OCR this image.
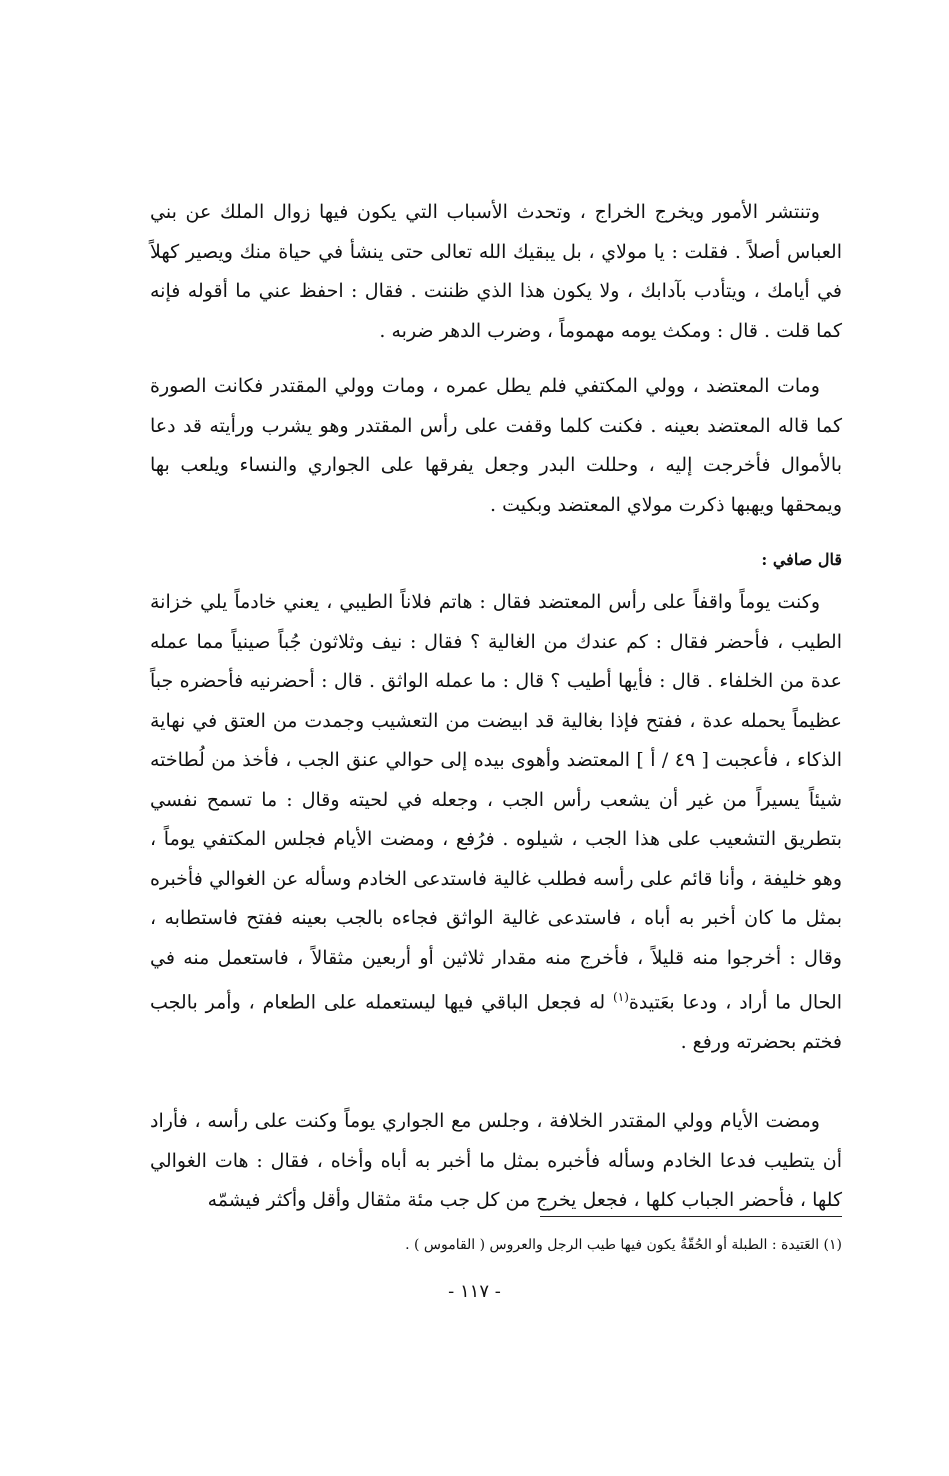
وتنتشر الأمور ويخرج الخراج ، وتحدث الأسباب التي يكون فيها زوال الملك عن بني العباس أصلاً . فقلت : يا مولاي ، بل يبقيك الله تعالى حتى ينشأ في حياة منك ويصير كهلاً في أيامك ، ويتأدب بآدابك ، ولا يكون هذا الذي ظننت . فقال : احفظ عني ما أقوله فإنه كما قلت . قال : ومكث يومه مهموماً ، وضرب الدهر ضربه .

ومات المعتضد ، وولي المكتفي فلم يطل عمره ، ومات وولي المقتدر فكانت الصورة كما قاله المعتضد بعينه . فكنت كلما وقفت على رأس المقتدر وهو يشرب ورأيته قد دعا بالأموال فأخرجت إليه ، وحللت البدر وجعل يفرقها على الجواري والنساء ويلعب بها ويمحقها ويهبها ذكرت مولاي المعتضد وبكيت .

قال صافي :

وكنت يوماً واقفاً على رأس المعتضد فقال : هاتم فلاناً الطيبي ، يعني خادماً يلي خزانة الطيب ، فأحضر فقال : كم عندك من الغالية ؟ فقال : نيف وثلاثون جُباً صينياً مما عمله عدة من الخلفاء . قال : فأيها أطيب ؟ قال : ما عمله الواثق . قال : أحضرنيه فأحضره جباً عظيماً يحمله عدة ، ففتح فإذا بغالية قد ابيضت من التعشيب وجمدت من العتق في نهاية الذكاء ، فأعجبت [ ٤٩ / أ ] المعتضد وأهوى بيده إلى حوالي عنق الجب ، فأخذ من لُطاخته شيئاً يسيراً من غير أن يشعب رأس الجب ، وجعله في لحيته وقال : ما تسمح نفسي بتطريق التشعيب على هذا الجب ، شيلوه . فرُفع ، ومضت الأيام فجلس المكتفي يوماً ، وهو خليفة ، وأنا قائم على رأسه فطلب غالية فاستدعى الخادم وسأله عن الغوالي فأخبره بمثل ما كان أخبر به أباه ، فاستدعى غالية الواثق فجاءه بالجب بعينه ففتح فاستطابه ، وقال : أخرجوا منه قليلاً ، فأخرج منه مقدار ثلاثين أو أربعين مثقالاً ، فاستعمل منه في الحال ما أراد ، ودعا بعَتيدة$^{(١)}$ له فجعل الباقي فيها ليستعمله على الطعام ، وأمر بالجب فختم بحضرته ورفع .

ومضت الأيام وولي المقتدر الخلافة ، وجلس مع الجواري يوماً وكنت على رأسه ، فأراد أن يتطيب فدعا الخادم وسأله فأخبره بمثل ما أخبر به أباه وأخاه ، فقال : هات الغوالي كلها ، فأحضر الجباب كلها ، فجعل يخرج من كل جب مئة مثقال وأقل وأكثر فيشمّه

(١) العَتيدة : الطبلة أو الحُقّةُ يكون فيها طيب الرجل والعروس ( القاموس ) .
- ١١٧ -
